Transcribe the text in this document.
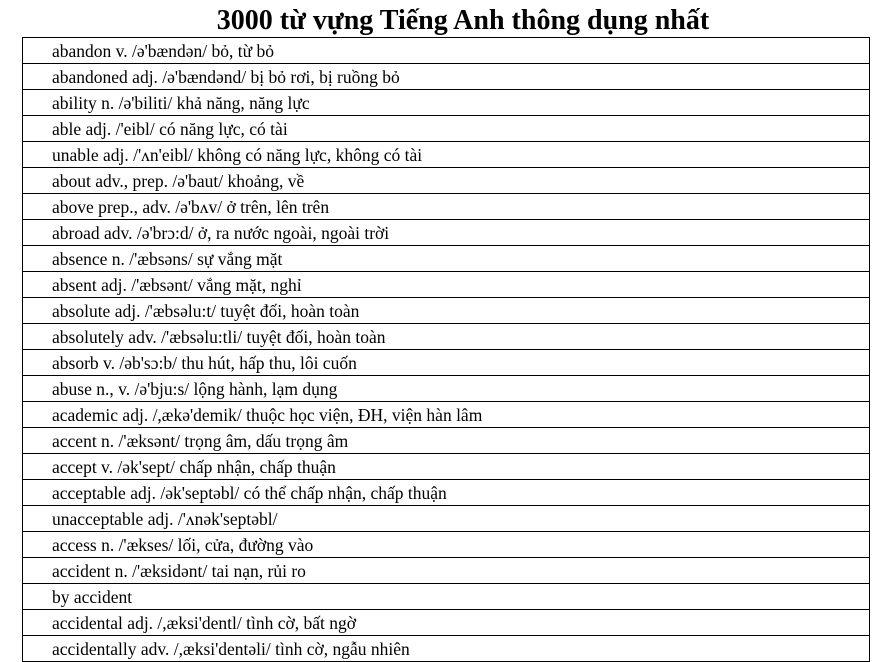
3000 từ vựng Tiếng Anh thông dụng nhất
abandon v. /ə'bændən/ bỏ, từ bỏ
abandoned adj. /ə'bændənd/ bị bỏ rơi, bị ruồng bỏ
ability n. /ə'biliti/ khả năng, năng lực
able adj. /'eibl/ có năng lực, có tài
unable adj. /'ʌn'eibl/ không có năng lực, không có tài
about adv., prep. /ə'baut/ khoảng, về
above prep., adv. /ə'bʌv/ ở trên, lên trên
abroad adv. /ə'brɔ:d/ ở, ra nước ngoài, ngoài trời
absence n. /'æbsəns/ sự vắng mặt
absent adj. /'æbsənt/ vắng mặt, nghỉ
absolute adj. /'æbsəlu:t/ tuyệt đối, hoàn toàn
absolutely adv. /'æbsəlu:tli/ tuyệt đối, hoàn toàn
absorb v. /əb'sɔ:b/ thu hút, hấp thu, lôi cuốn
abuse n., v. /ə'bju:s/ lộng hành, lạm dụng
academic adj. /,ækə'demik/ thuộc học viện, ĐH, viện hàn lâm
accent n. /'æksənt/ trọng âm, dấu trọng âm
accept v. /ək'sept/ chấp nhận, chấp thuận
acceptable adj. /ək'septəbl/ có thể chấp nhận, chấp thuận
unacceptable adj. /'ʌnək'septəbl/
access n. /'ækses/ lối, cửa, đường vào
accident n. /'æksidənt/ tai nạn, rủi ro
by accident
accidental adj. /,æksi'dentl/ tình cờ, bất ngờ
accidentally adv. /,æksi'dentəli/ tình cờ, ngẫu nhiên
